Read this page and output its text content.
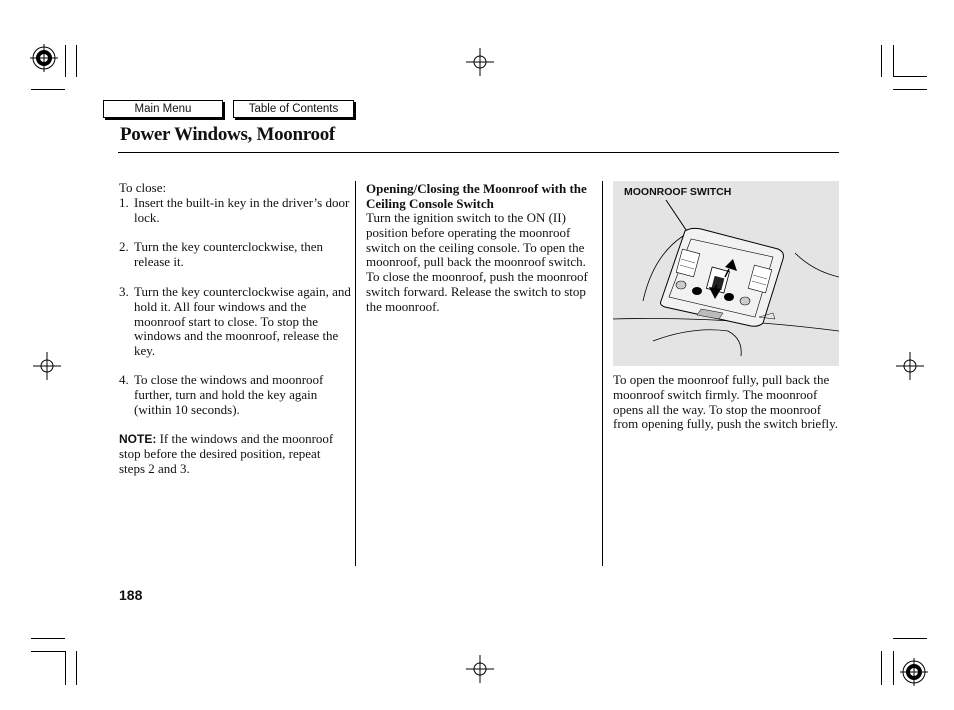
Main Menu	Table of Contents
Power Windows, Moonroof
To close:
1. Insert the built-in key in the driver’s door lock.
2. Turn the key counterclockwise, then release it.
3. Turn the key counterclockwise again, and hold it. All four windows and the moonroof start to close. To stop the windows and the moonroof, release the key.
4. To close the windows and moonroof further, turn and hold the key again (within 10 seconds).
NOTE: If the windows and the moonroof stop before the desired position, repeat steps 2 and 3.
Opening/Closing the Moonroof with the Ceiling Console Switch
Turn the ignition switch to the ON (II) position before operating the moonroof switch on the ceiling console. To open the moonroof, pull back the moonroof switch. To close the moonroof, push the moonroof switch forward. Release the switch to stop the moonroof.
MOONROOF SWITCH
To open the moonroof fully, pull back the moonroof switch firmly. The moonroof opens all the way. To stop the moonroof from opening fully, push the switch briefly.
188
